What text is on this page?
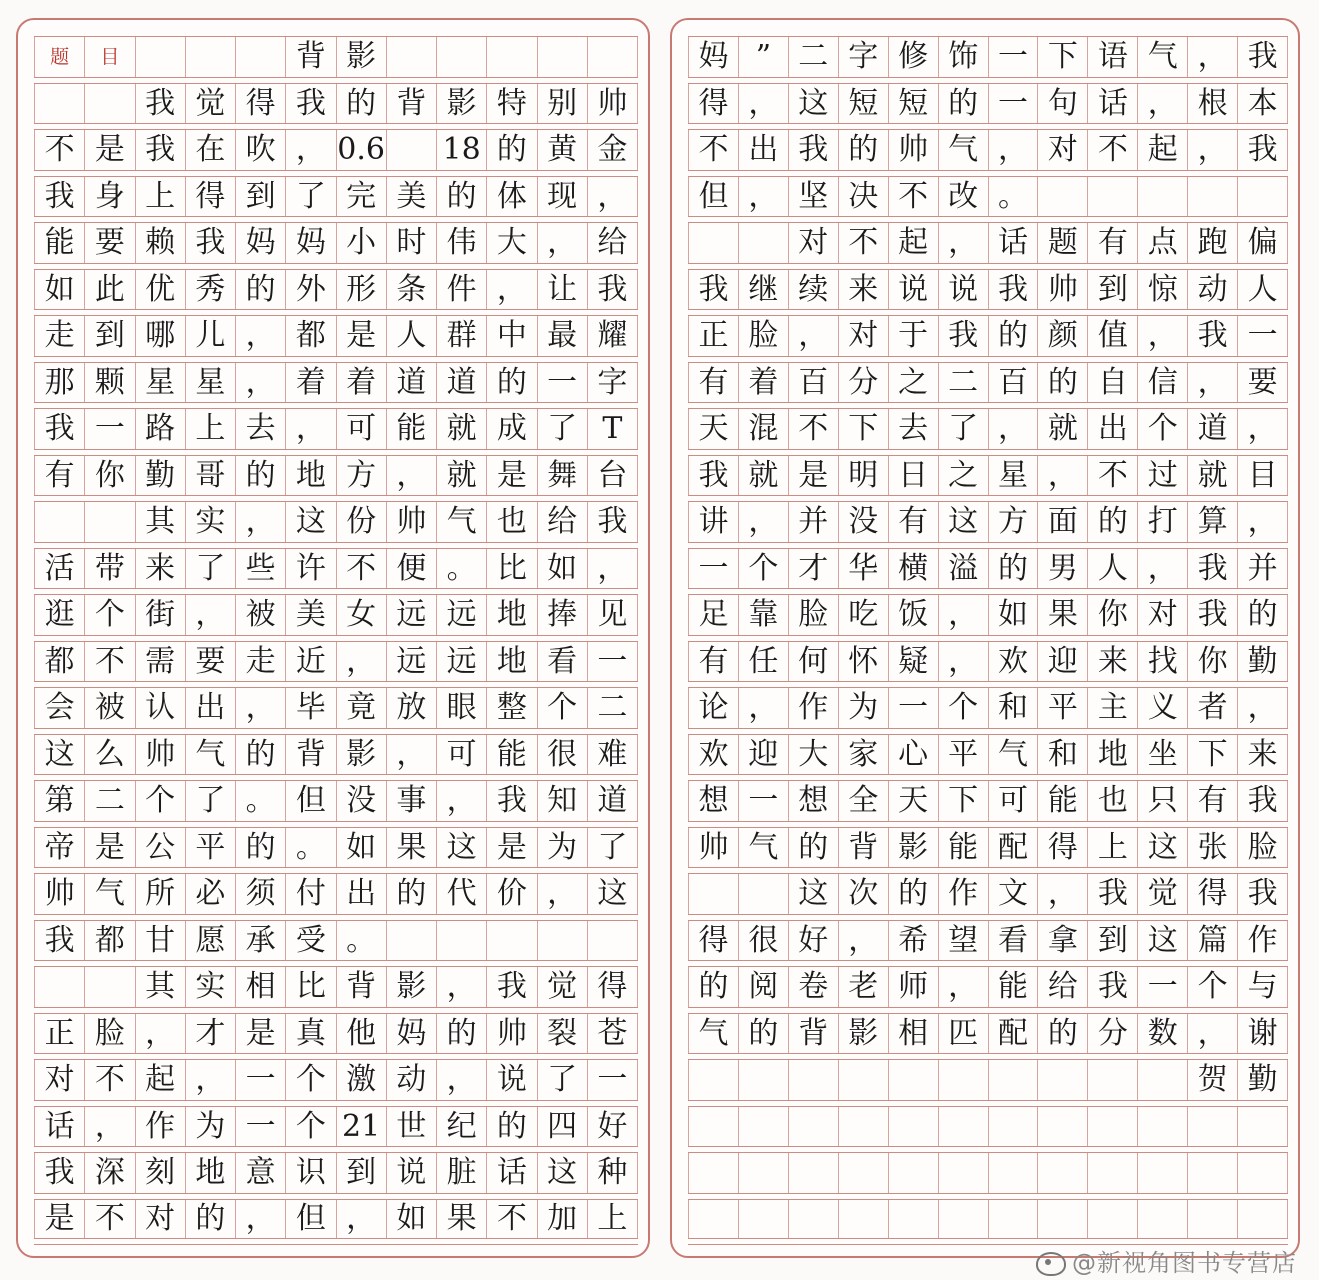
题	目	背 影
我 觉 得 我 的 背 影 特 别 帅
不 是 我 在 吹 ， 0.6 18 的 黄 金
我 身 上 得 到 了 完 美 的 体 现 ，
能 要 赖 我 妈 妈 小 时 伟 大 ， 给
如 此 优 秀 的 外 形 条 件 ， 让 我
走 到 哪 儿 ， 都 是 人 群 中 最 耀
那 颗 星 星 ， 着 着 道 道 的 一 字
我 一 路 上 去 ， 可 能 就 成 了 T
有 你 勤 哥 的 地 方 ， 就 是 舞 台
其 实 ， 这 份 帅 气 也 给 我
活 带 来 了 些 许 不 便 。 比 如 ，
逛 个 街 ， 被 美 女 远 远 地 捧 见
都 不 需 要 走 近 ， 远 远 地 看 一
会 被 认 出 ， 毕 竟 放 眼 整 个 二
这 么 帅 气 的 背 影 ， 可 能 很 难
第 二 个 了 。 但 没 事 ， 我 知 道
帝 是 公 平 的 。 如 果 这 是 为 了
帅 气 所 必 须 付 出 的 代 价 ， 这
我 都 甘 愿 承 受 。
其 实 相 比 背 影 ， 我 觉 得
正 脸 ， 才 是 真 他 妈 的 帅 裂 苍
对 不 起 ， 一 个 激 动 ， 说 了 一
话 ， 作 为 一 个 21 世 纪 的 四 好
我 深 刻 地 意 识 到 说 脏 话 这 种
是 不 对 的 ， 但 ， 如 果 不 加 上
妈 ” 二 字 修 饰 一 下 语 气 ， 我
得 ， 这 短 短 的 一 句 话 ， 根 本
不 出 我 的 帅 气 ， 对 不 起 ， 我
但 ， 坚 决 不 改 。
对 不 起 ， 话 题 有 点 跑 偏
我 继 续 来 说 说 我 帅 到 惊 动 人
正 脸 ， 对 于 我 的 颜 值 ， 我 一
有 着 百 分 之 二 百 的 自 信 ， 要
天 混 不 下 去 了 ， 就 出 个 道 ，
我 就 是 明 日 之 星 ， 不 过 就 目
讲 ， 并 没 有 这 方 面 的 打 算 ，
一 个 才 华 横 溢 的 男 人 ， 我 并
足 靠 脸 吃 饭 ， 如 果 你 对 我 的
有 任 何 怀 疑 ， 欢 迎 来 找 你 勤
论 ， 作 为 一 个 和 平 主 义 者 ，
欢 迎 大 家 心 平 气 和 地 坐 下 来
想 一 想 全 天 下 可 能 也 只 有 我
帅 气 的 背 影 能 配 得 上 这 张 脸
这 次 的 作 文 ， 我 觉 得 我
得 很 好 ， 希 望 看 拿 到 这 篇 作
的 阅 卷 老 师 ， 能 给 我 一 个 与
气 的 背 影 相 匹 配 的 分 数 ， 谢
贺 勤
@新视角图书专营店
